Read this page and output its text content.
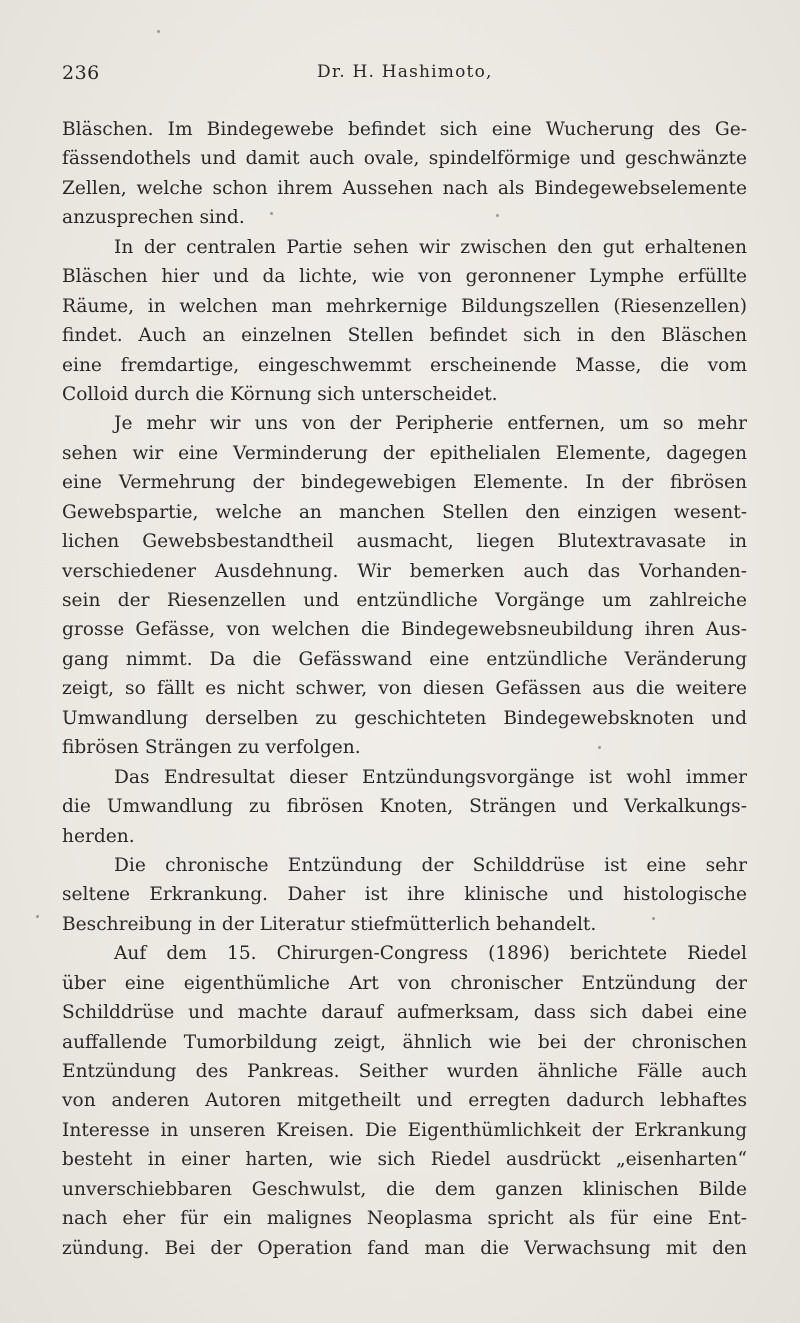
236	Dr. H. Hashimoto,
Bläschen. Im Bindegewebe befindet sich eine Wucherung des Ge-
fässendothels und damit auch ovale, spindelförmige und geschwänzte
Zellen, welche schon ihrem Aussehen nach als Bindegewebselemente
anzusprechen sind.
In der centralen Partie sehen wir zwischen den gut erhaltenen
Bläschen hier und da lichte, wie von geronnener Lymphe erfüllte
Räume, in welchen man mehrkernige Bildungszellen (Riesenzellen)
findet. Auch an einzelnen Stellen befindet sich in den Bläschen
eine fremdartige, eingeschwemmt erscheinende Masse, die vom
Colloid durch die Körnung sich unterscheidet.
Je mehr wir uns von der Peripherie entfernen, um so mehr
sehen wir eine Verminderung der epithelialen Elemente, dagegen
eine Vermehrung der bindegewebigen Elemente. In der fibrösen
Gewebspartie, welche an manchen Stellen den einzigen wesent-
lichen Gewebsbestandtheil ausmacht, liegen Blutextravasate in
verschiedener Ausdehnung. Wir bemerken auch das Vorhanden-
sein der Riesenzellen und entzündliche Vorgänge um zahlreiche
grosse Gefässe, von welchen die Bindegewebsneubildung ihren Aus-
gang nimmt. Da die Gefässwand eine entzündliche Veränderung
zeigt, so fällt es nicht schwer, von diesen Gefässen aus die weitere
Umwandlung derselben zu geschichteten Bindegewebsknoten und
fibrösen Strängen zu verfolgen.
Das Endresultat dieser Entzündungsvorgänge ist wohl immer
die Umwandlung zu fibrösen Knoten, Strängen und Verkalkungs-
herden.
Die chronische Entzündung der Schilddrüse ist eine sehr
seltene Erkrankung. Daher ist ihre klinische und histologische
Beschreibung in der Literatur stiefmütterlich behandelt.
Auf dem 15. Chirurgen-Congress (1896) berichtete Riedel
über eine eigenthümliche Art von chronischer Entzündung der
Schilddrüse und machte darauf aufmerksam, dass sich dabei eine
auffallende Tumorbildung zeigt, ähnlich wie bei der chronischen
Entzündung des Pankreas. Seither wurden ähnliche Fälle auch
von anderen Autoren mitgetheilt und erregten dadurch lebhaftes
Interesse in unseren Kreisen. Die Eigenthümlichkeit der Erkrankung
besteht in einer harten, wie sich Riedel ausdrückt „eisenharten“
unverschiebbaren Geschwulst, die dem ganzen klinischen Bilde
nach eher für ein malignes Neoplasma spricht als für eine Ent-
zündung. Bei der Operation fand man die Verwachsung mit den
